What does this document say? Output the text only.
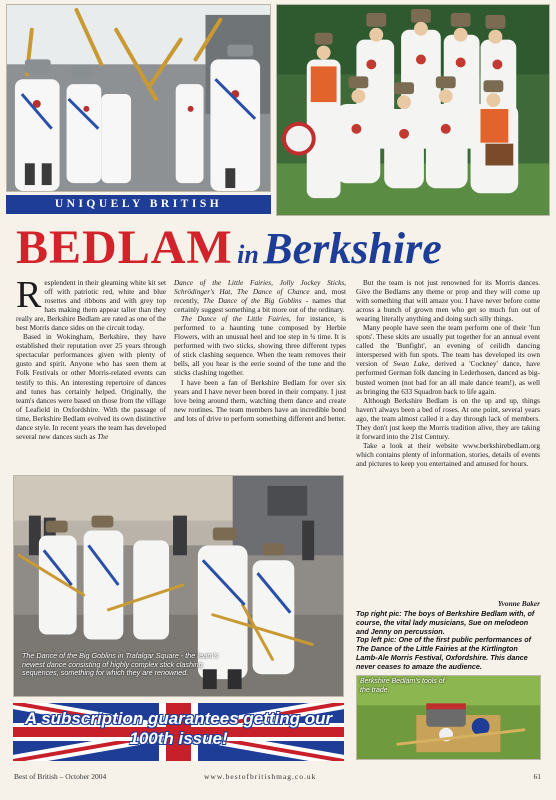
UNIQUELY BRITISH
BEDLAM in Berkshire

Resplendent in their gleaming white kit set off with patriotic red, white and blue rosettes and ribbons and with grey top hats making them appear taller than they really are, Berkshire Bedlam are rated as one of the best Morris dance sides on the circuit today.

Based in Wokingham, Berkshire, they have established their reputation over 25 years through spectacular performances given with plenty of gusto and spirit. Anyone who has seen them at Folk Festivals or other Morris-related events can testify to this. An interesting repertoire of dances and tunes has certainly helped. Originally, the team's dances were based on those from the village of Leafield in Oxfordshire. With the passage of time, Berkshire Bedlam evolved its own distinctive dance style. In recent years the team has developed several new dances such as The

Dance of the Little Fairies, Jolly Jockey Sticks, Schrödinger's Hat, The Dance of Chance and, most recently, The Dance of the Big Goblins - names that certainly suggest something a bit more out of the ordinary.

The Dance of the Little Fairies, for instance, is performed to a haunting tune composed by Herbie Flowers, with an unusual heel and toe step in ¾ time. It is performed with two sticks, showing three different types of stick clashing sequence. When the team removes their bells, all you hear is the eerie sound of the tune and the sticks clashing together.

I have been a fan of Berkshire Bedlam for over six years and I have never been bored in their company. I just love being around them, watching them dance and create new routines. The team members have an incredible bond and lots of drive to perform something different and better.

But the team is not just renowned for its Morris dances. Give the Bedlams any theme or prop and they will come up with something that will amaze you. I have never before come across a bunch of grown men who get so much fun out of wearing literally anything and doing such silly things.

Many people have seen the team perform one of their 'fun spots'. These skits are usually put together for an annual event called the 'Bunfight', an evening of ceilidh dancing interspersed with fun spots. The team has developed its own version of Swan Lake, derived a 'Cockney' dance, have performed German folk dancing in Lederhosen, danced as big-busted women (not bad for an all male dance team!), as well as bringing the 633 Squadron back to life again.

Although Berkshire Bedlam is on the up and up, things haven't always been a bed of roses. At one point, several years ago, the team almost called it a day through lack of members. They don't just keep the Morris tradition alive, they are taking it forward into the 21st Century.

Take a look at their website www.berkshirebedlam.org which contains plenty of information, stories, details of events and pictures to keep you entertained and amused for hours.

The Dance of the Big Goblins in Trafalgar Square - the team's newest dance consisting of highly complex stick clashing sequences, something for which they are renowned.
Yvonne Baker

Top right pic: The boys of Berkshire Bedlam with, of course, the vital lady musicians, Sue on melodeon and Jenny on percussion.

Top left pic: One of the first public performances of The Dance of the Little Fairies at the Kirtlington Lamb-Ale Morris Festival, Oxfordshire. This dance never ceases to amaze the audience.

Berkshire Bedlam's tools of the trade.
A subscription guarantees getting our 100th issue!
Best of British – October 2004	www.bestofbritishmag.co.uk	61
